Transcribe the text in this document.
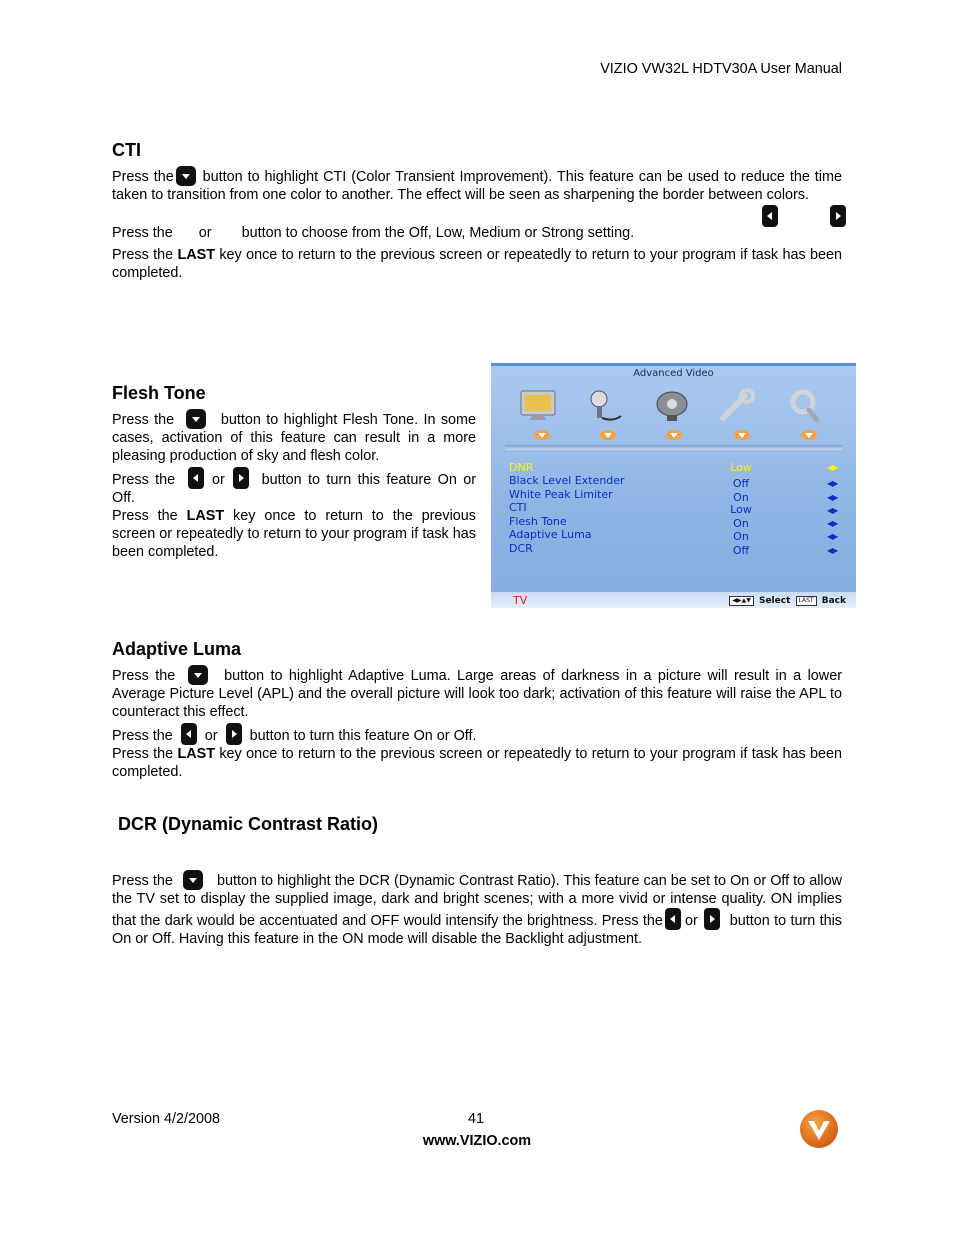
VIZIO VW32L HDTV30A User Manual
CTI

Press the button to highlight CTI (Color Transient Improvement). This feature can be used to reduce the time taken to transition from one color to another. The effect will be seen as sharpening the border between colors.

Press the or button to choose from the Off, Low, Medium or Strong setting.

Press the LAST key once to return to the previous screen or repeatedly to return to your program if task has been completed.

Flesh Tone

Press the	button to highlight Flesh Tone. In some cases, activation of this feature can result in a more pleasing production of sky and flesh color.

Press the	or	button to turn this feature On or Off.

Press the LAST key once to return to the previous screen or repeatedly to return to your program if task has been completed.

Advanced Video
DNR	Low	◀▶
Black Level Extender	Off	◀▶
White Peak Limiter	On	◀▶
CTI	Low	◀▶
Flesh Tone	On	◀▶
Adaptive Luma	On	◀▶
DCR	Off	◀▶
TV	◀▶▲▼ Select LAST Back
Adaptive Luma

Press the	button to highlight Adaptive Luma. Large areas of darkness in a picture will result in a lower Average Picture Level (APL) and the overall picture will look too dark; activation of this feature will raise the APL to counteract this effect.

Press the or button to turn this feature On or Off.

Press the LAST key once to return to the previous screen or repeatedly to return to your program if task has been completed.

DCR (Dynamic Contrast Ratio)

Press the	button to highlight the DCR (Dynamic Contrast Ratio). This feature can be set to On or Off to allow the TV set to display the supplied image, dark and bright scenes; with a more vivid or intense quality. ON implies that the dark would be accentuated and OFF would intensify the brightness. Press the or button to turn this On or Off. Having this feature in the ON mode will disable the Backlight adjustment.

Version 4/2/2008	41
www.VIZIO.com
